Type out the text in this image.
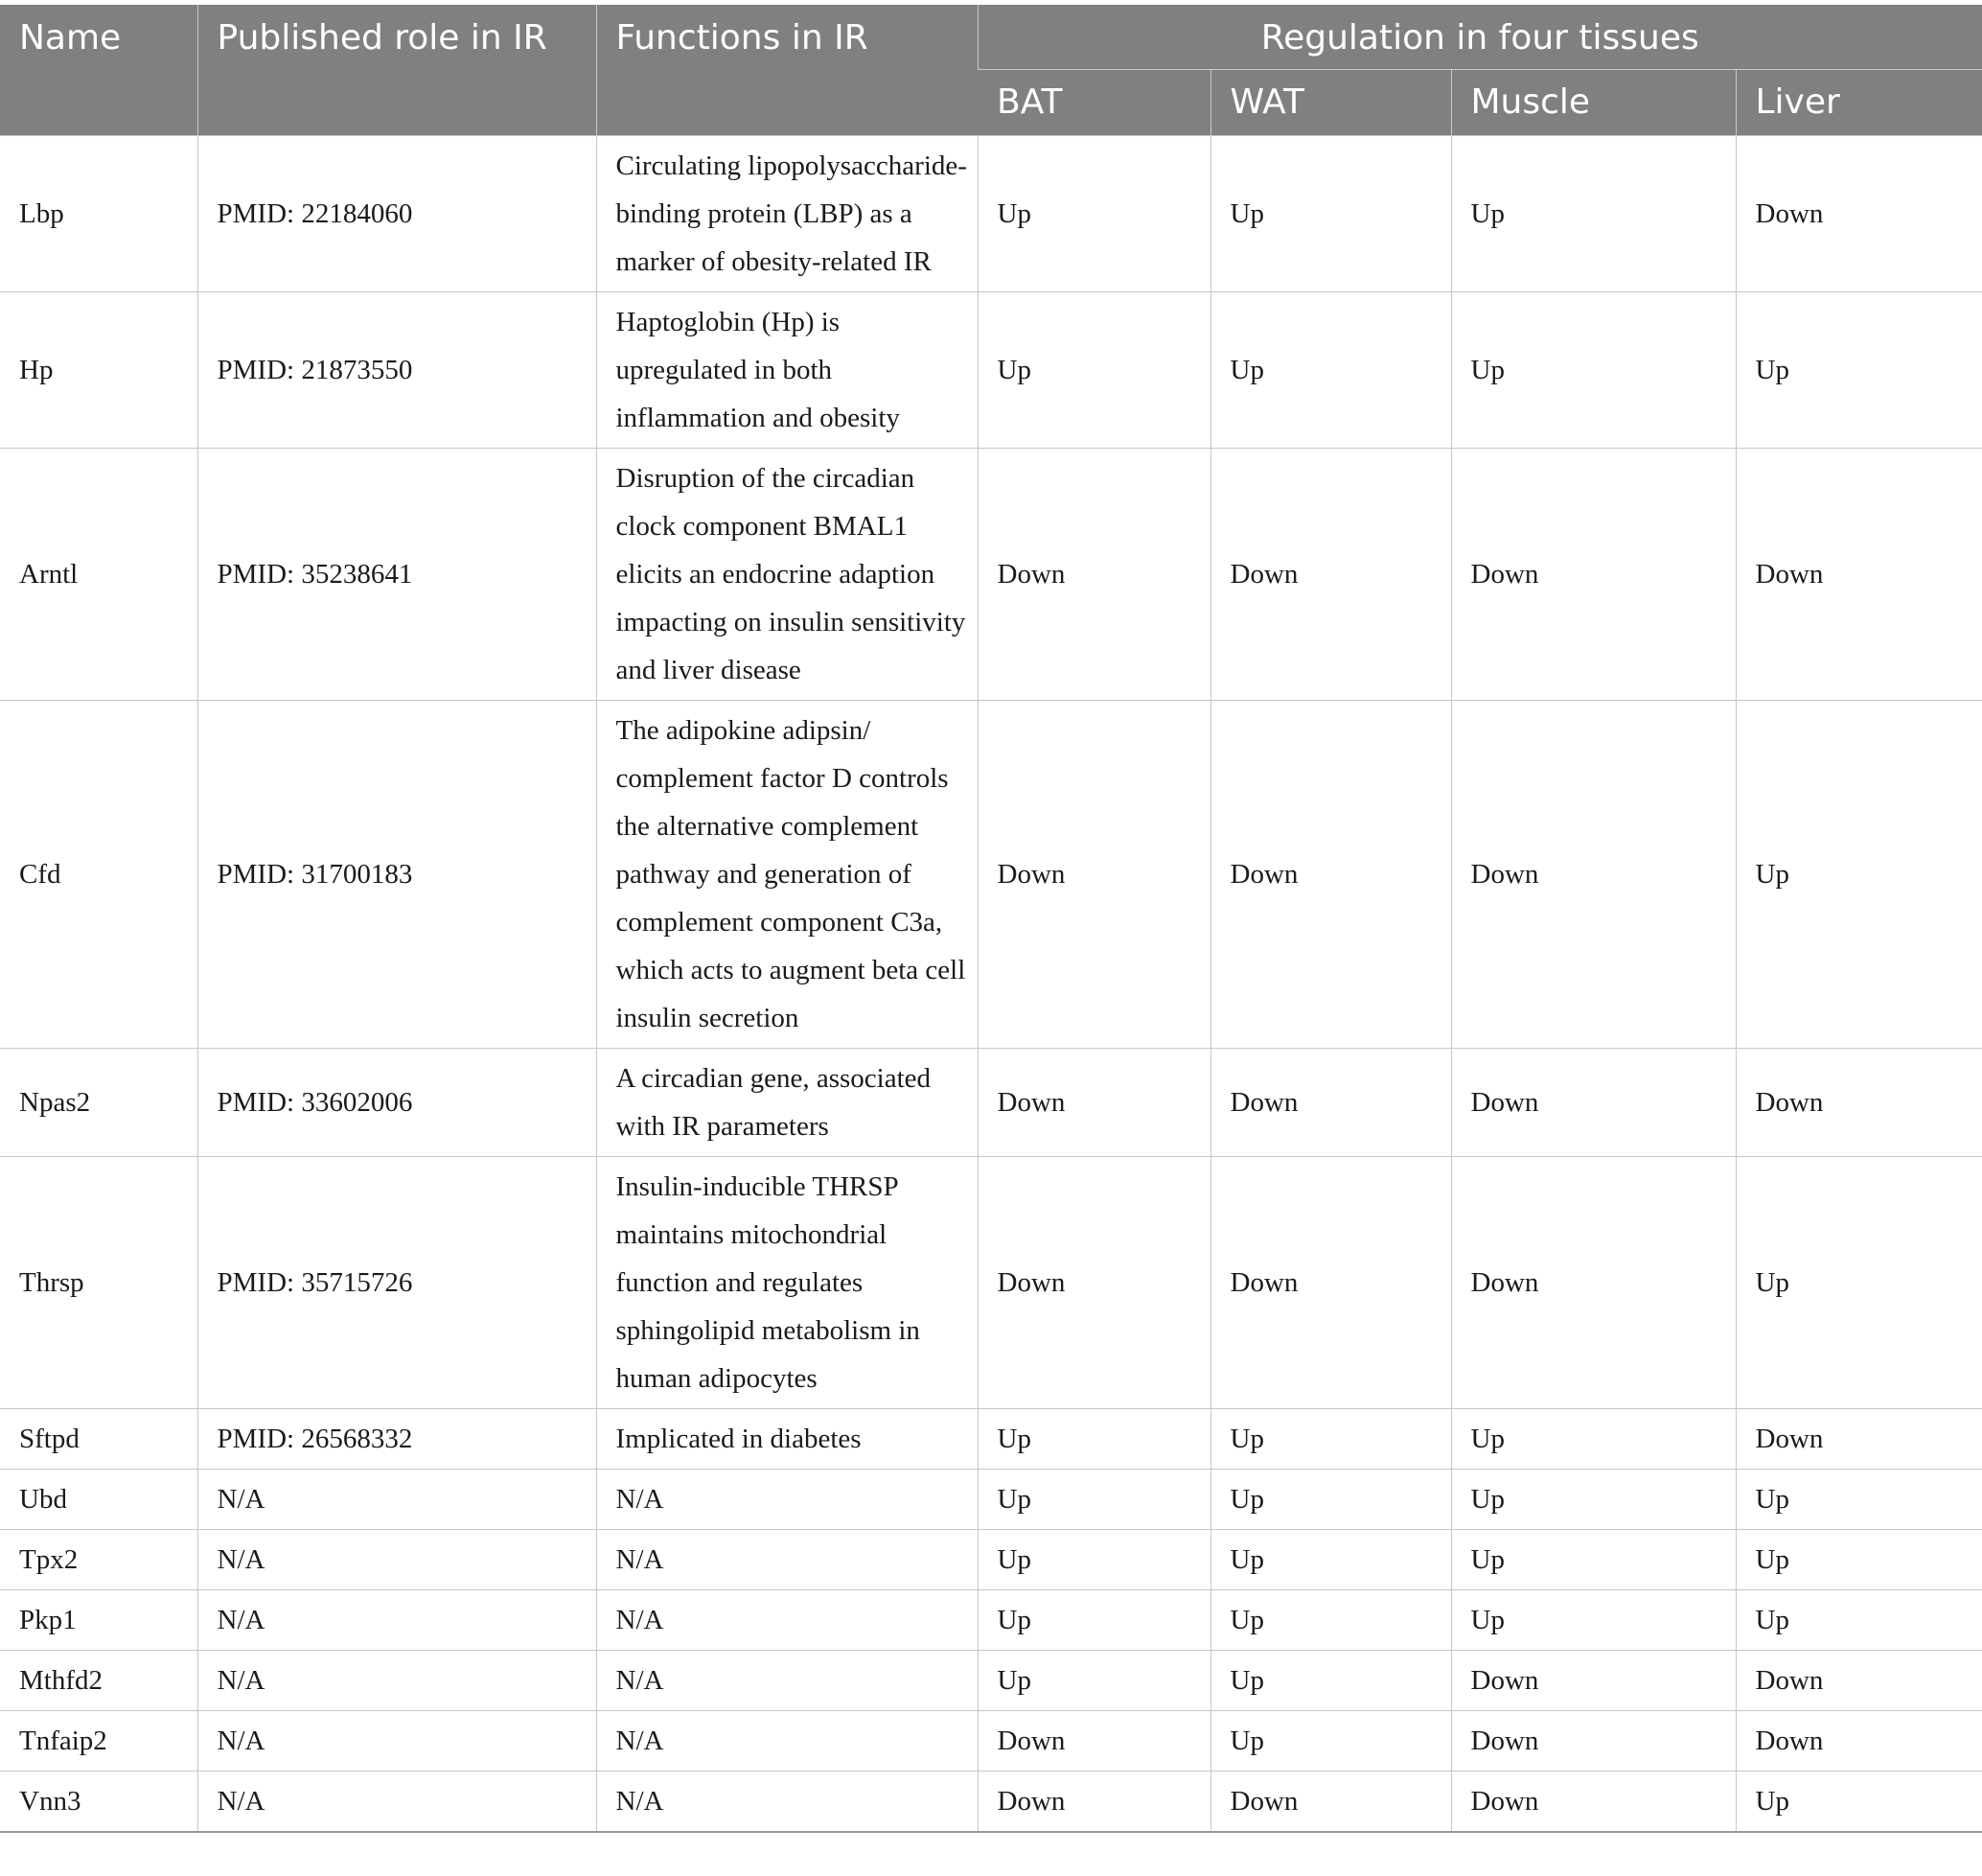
Name	Published role in IR	Functions in IR	Regulation in four tissues			
			BAT	WAT	Muscle	Liver
Lbp	PMID: 22184060	Circulating lipopolysaccharide-binding protein (LBP) as a marker of obesity-related IR	Up	Up	Up	Down
Hp	PMID: 21873550	Haptoglobin (Hp) is upregulated in both inflammation and obesity	Up	Up	Up	Up
Arntl	PMID: 35238641	Disruption of the circadian clock component BMAL1 elicits an endocrine adaption impacting on insulin sensitivity and liver disease	Down	Down	Down	Down
Cfd	PMID: 31700183	The adipokine adipsin/ complement factor D controls the alternative complement pathway and generation of complement component C3a, which acts to augment beta cell insulin secretion	Down	Down	Down	Up
Npas2	PMID: 33602006	A circadian gene, associated with IR parameters	Down	Down	Down	Down
Thrsp	PMID: 35715726	Insulin-inducible THRSP maintains mitochondrial function and regulates sphingolipid metabolism in human adipocytes	Down	Down	Down	Up
Sftpd	PMID: 26568332	Implicated in diabetes	Up	Up	Up	Down
Ubd	N/A	N/A	Up	Up	Up	Up
Tpx2	N/A	N/A	Up	Up	Up	Up
Pkp1	N/A	N/A	Up	Up	Up	Up
Mthfd2	N/A	N/A	Up	Up	Down	Down
Tnfaip2	N/A	N/A	Down	Up	Down	Down
Vnn3	N/A	N/A	Down	Down	Down	Up
